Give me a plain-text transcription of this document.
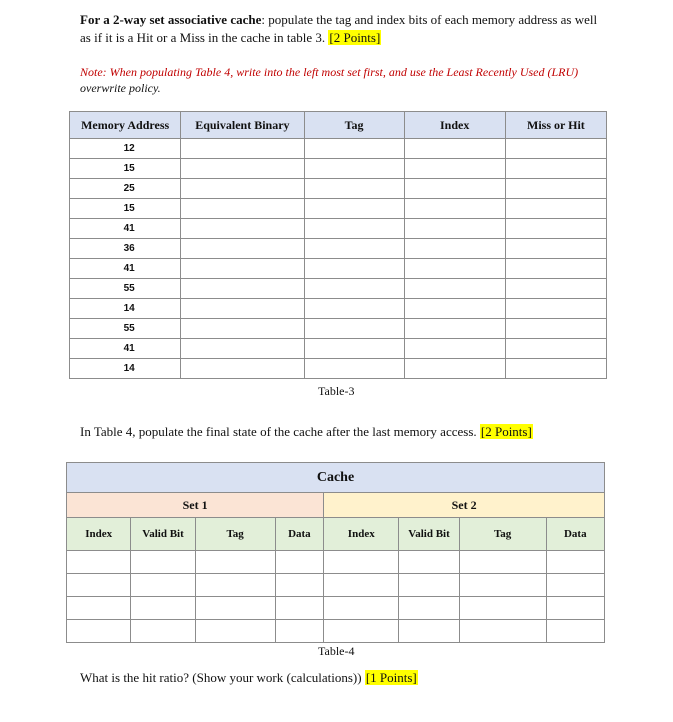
For a 2-way set associative cache: populate the tag and index bits of each memory address as well as if it is a Hit or a Miss in the cache in table 3. [2 Points]
Note: When populating Table 4, write into the left most set first, and use the Least Recently Used (LRU) overwrite policy.
Memory Address	Equivalent Binary	Tag	Index	Miss or Hit
12				
15				
25				
15				
41				
36				
41				
55				
14				
55				
41				
14				
Table-3
In Table 4, populate the final state of the cache after the last memory access. [2 Points]
Cache							
Set 1				Set 2			
Index	Valid Bit	Tag	Data	Index	Valid Bit	Tag	Data

Table-4
What is the hit ratio? (Show your work (calculations)) [1 Points]
